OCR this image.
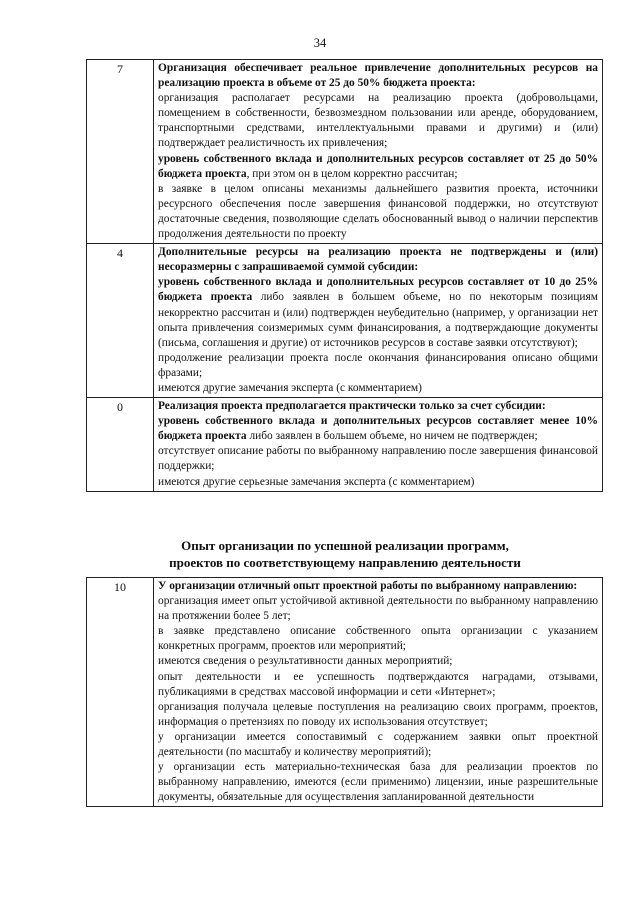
34
7	Организация обеспечивает реальное привлечение дополнительных ресурсов на реализацию проекта в объеме от 25 до 50% бюджета проекта:
организация располагает ресурсами на реализацию проекта (добровольцами, помещением в собственности, безвозмездном пользовании или аренде, оборудованием, транспортными средствами, интеллектуальными правами и другими) и (или) подтверждает реалистичность их привлечения;
уровень собственного вклада и дополнительных ресурсов составляет от 25 до 50% бюджета проекта, при этом он в целом корректно рассчитан;
в заявке в целом описаны механизмы дальнейшего развития проекта, источники ресурсного обеспечения после завершения финансовой поддержки, но отсутствуют достаточные сведения, позволяющие сделать обоснованный вывод о наличии перспектив продолжения деятельности по проекту

4	Дополнительные ресурсы на реализацию проекта не подтверждены и (или) несоразмерны с запрашиваемой суммой субсидии:
уровень собственного вклада и дополнительных ресурсов составляет от 10 до 25% бюджета проекта либо заявлен в большем объеме, но по некоторым позициям некорректно рассчитан и (или) подтвержден неубедительно (например, у организации нет опыта привлечения соизмеримых сумм финансирования, а подтверждающие документы (письма, соглашения и другие) от источников ресурсов в составе заявки отсутствуют);
продолжение реализации проекта после окончания финансирования описано общими фразами;
имеются другие замечания эксперта (с комментарием)

0	Реализация проекта предполагается практически только за счет субсидии:
уровень собственного вклада и дополнительных ресурсов составляет менее 10% бюджета проекта либо заявлен в большем объеме, но ничем не подтвержден;
отсутствует описание работы по выбранному направлению после завершения финансовой поддержки;
имеются другие серьезные замечания эксперта (с комментарием)
Опыт организации по успешной реализации программ,
проектов по соответствующему направлению деятельности
10	У организации отличный опыт проектной работы по выбранному направлению:
организация имеет опыт устойчивой активной деятельности по выбранному направлению на протяжении более 5 лет;
в заявке представлено описание собственного опыта организации с указанием конкретных программ, проектов или мероприятий;
имеются сведения о результативности данных мероприятий;
опыт деятельности и ее успешность подтверждаются наградами, отзывами, публикациями в средствах массовой информации и сети «Интернет»;
организация получала целевые поступления на реализацию своих программ, проектов, информация о претензиях по поводу их использования отсутствует;
у организации имеется сопоставимый с содержанием заявки опыт проектной деятельности (по масштабу и количеству мероприятий);
у организации есть материально-техническая база для реализации проектов по выбранному направлению, имеются (если применимо) лицензии, иные разрешительные документы, обязательные для осуществления запланированной деятельности
